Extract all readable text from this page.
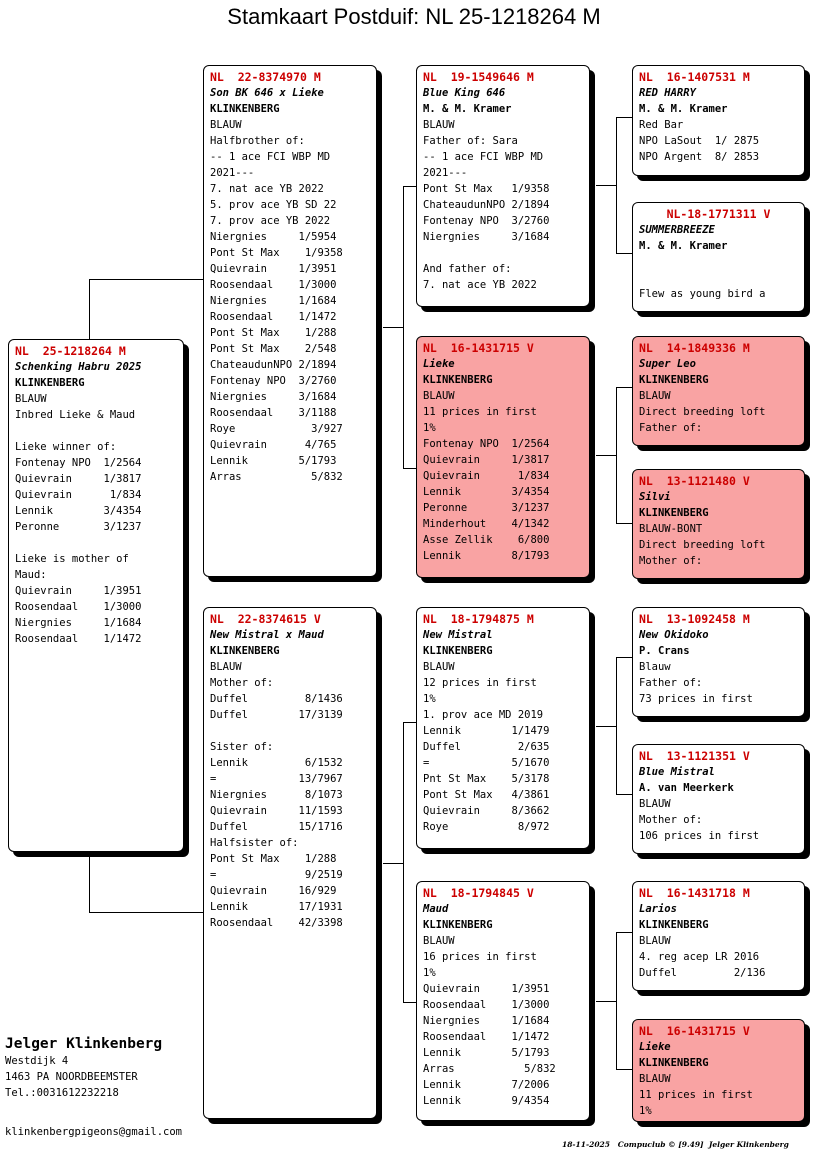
Stamkaart Postduif: NL 25-1218264 M
NL  25-1218264 M
Schenking Habru 2025
KLINKENBERG
BLAUW
Inbred Lieke & Maud
Lieke winner of:
Fontenay NPO  1/2564
Quievrain     1/3817
Quievrain      1/834
Lennik        3/4354
Peronne       3/1237
Lieke is mother of
Maud:
Quievrain     1/3951
Roosendaal    1/3000
Niergnies     1/1684
Roosendaal    1/1472
NL  22-8374970 M
Son BK 646 x Lieke
KLINKENBERG
BLAUW
Halfbrother of:
-- 1 ace FCI WBP MD
2021---
7. nat ace YB 2022
5. prov ace YB SD 22
7. prov ace YB 2022
Niergnies     1/5954
Pont St Max    1/9358
Quievrain     1/3951
Roosendaal    1/3000
Niergnies     1/1684
Roosendaal    1/1472
Pont St Max    1/288
Pont St Max    2/548
ChateaudunNPO 2/1894
Fontenay NPO  3/2760
Niergnies     3/1684
Roosendaal    3/1188
Roye            3/927
Quievrain      4/765
Lennik        5/1793
Arras           5/832
NL  22-8374615 V
New Mistral x Maud
KLINKENBERG
BLAUW
Mother of:
Duffel         8/1436
Duffel        17/3139
Sister of:
Lennik         6/1532
=             13/7967
Niergnies      8/1073
Quievrain     11/1593
Duffel        15/1716
Halfsister of:
Pont St Max    1/288
=              9/2519
Quievrain     16/929
Lennik        17/1931
Roosendaal    42/3398
NL  19-1549646 M
Blue King 646
M. & M. Kramer
BLAUW
Father of: Sara
-- 1 ace FCI WBP MD
2021---
Pont St Max   1/9358
ChateaudunNPO 2/1894
Fontenay NPO  3/2760
Niergnies     3/1684
And father of:
7. nat ace YB 2022
NL  16-1431715 V
Lieke
KLINKENBERG
BLAUW
11 prices in first
1%
Fontenay NPO  1/2564
Quievrain     1/3817
Quievrain      1/834
Lennik        3/4354
Peronne       3/1237
Minderhout    4/1342
Asse Zellik    6/800
Lennik        8/1793
NL  18-1794875 M
New Mistral
KLINKENBERG
BLAUW
12 prices in first
1%
1. prov ace MD 2019
Lennik        1/1479
Duffel         2/635
=             5/1670
Pnt St Max    5/3178
Pont St Max   4/3861
Quievrain     8/3662
Roye           8/972
NL  18-1794845 V
Maud
KLINKENBERG
BLAUW
16 prices in first
1%
Quievrain     1/3951
Roosendaal    1/3000
Niergnies     1/1684
Roosendaal    1/1472
Lennik        5/1793
Arras           5/832
Lennik        7/2006
Lennik        9/4354
NL  16-1407531 M
RED HARRY
M. & M. Kramer
Red Bar
NPO LaSout  1/ 2875
NPO Argent  8/ 2853
NL-18-1771311 V
SUMMERBREEZE
M. & M. Kramer
Flew as young bird a
NL  14-1849336 M
Super Leo
KLINKENBERG
BLAUW
Direct breeding loft
Father of:
NL  13-1121480 V
Silvi
KLINKENBERG
BLAUW-BONT
Direct breeding loft
Mother of:
NL  13-1092458 M
New Okidoko
P. Crans
Blauw
Father of:
73 prices in first
NL  13-1121351 V
Blue Mistral
A. van Meerkerk
BLAUW
Mother of:
106 prices in first
NL  16-1431718 M
Larios
KLINKENBERG
BLAUW
4. reg acep LR 2016
Duffel         2/136
NL  16-1431715 V
Lieke
KLINKENBERG
BLAUW
11 prices in first
1%
Jelger Klinkenberg
Westdijk 4
1463 PA NOORDBEEMSTER
Tel.:0031612232218
klinkenbergpigeons@gmail.com
18-11-2025   Compuclub © [9.49]  Jelger Klinkenberg
